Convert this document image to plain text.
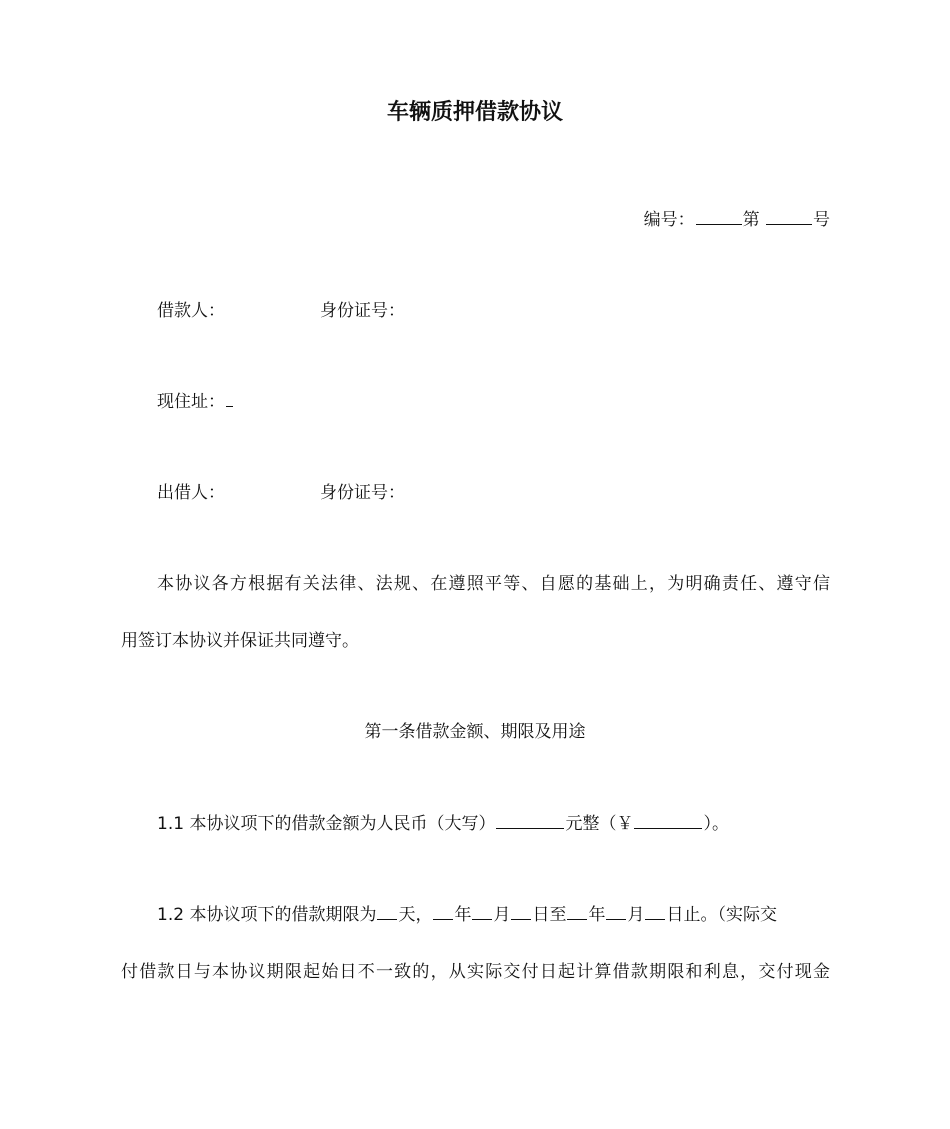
车辆质押借款协议
编号：	第	号
借款人：	身份证号：
现住址：
出借人：	身份证号：
本协议各方根据有关法律、法规、在遵照平等、自愿的基础上，为明确责任、遵守信
用签订本协议并保证共同遵守。
第一条借款金额、期限及用途
1.1 本协议项下的借款金额为人民币（大写）	元整（￥	）。
1.2 本协议项下的借款期限为 天， 年 月 日至 年 月 日止。（实际交
付借款日与本协议期限起始日不一致的，从实际交付日起计算借款期限和利息，交付现金
